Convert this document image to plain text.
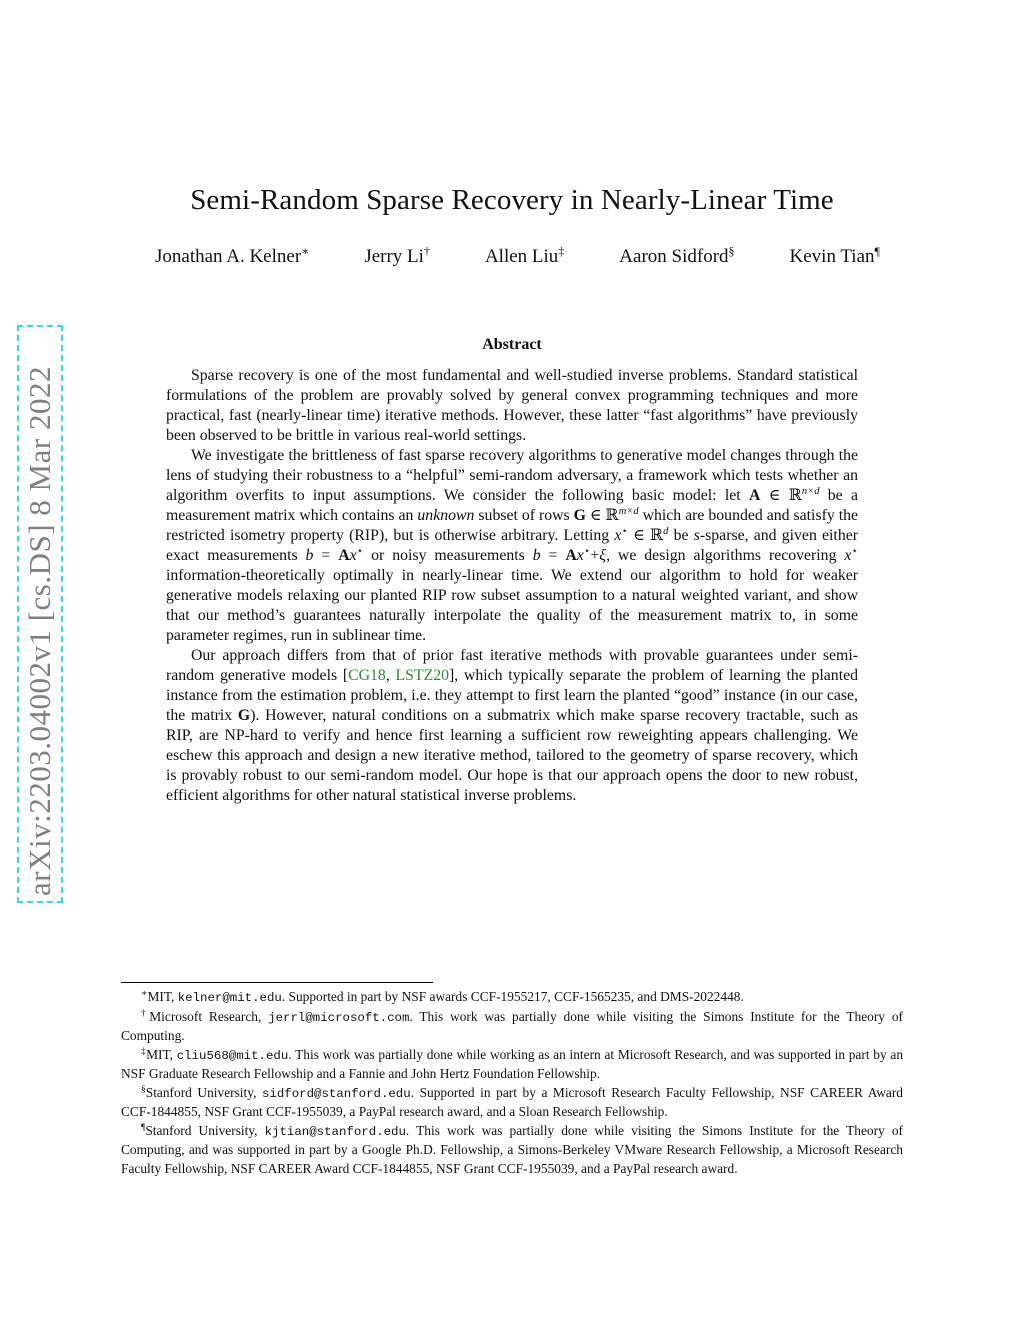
arXiv:2203.04002v1 [cs.DS] 8 Mar 2022
Semi-Random Sparse Recovery in Nearly-Linear Time
Jonathan A. Kelner∗	Jerry Li†	Allen Liu‡	Aaron Sidford§	Kevin Tian¶
Abstract

Sparse recovery is one of the most fundamental and well-studied inverse problems. Standard statistical formulations of the problem are provably solved by general convex programming techniques and more practical, fast (nearly-linear time) iterative methods. However, these latter “fast algorithms” have previously been observed to be brittle in various real-world settings.

We investigate the brittleness of fast sparse recovery algorithms to generative model changes through the lens of studying their robustness to a “helpful” semi-random adversary, a framework which tests whether an algorithm overfits to input assumptions. We consider the following basic model: let A ∈ ℝ$^{n\times d}$ be a measurement matrix which contains an unknown subset of rows G ∈ ℝ$^{m\times d}$ which are bounded and satisfy the restricted isometry property (RIP), but is otherwise arbitrary. Letting x⋆ ∈ ℝ$^d$ be s-sparse, and given either exact measurements b = Ax⋆ or noisy measurements b = Ax⋆+ξ, we design algorithms recovering x⋆ information-theoretically optimally in nearly-linear time. We extend our algorithm to hold for weaker generative models relaxing our planted RIP row subset assumption to a natural weighted variant, and show that our method’s guarantees naturally interpolate the quality of the measurement matrix to, in some parameter regimes, run in sublinear time.

Our approach differs from that of prior fast iterative methods with provable guarantees under semi-random generative models [CG18, LSTZ20], which typically separate the problem of learning the planted instance from the estimation problem, i.e. they attempt to first learn the planted “good” instance (in our case, the matrix G). However, natural conditions on a submatrix which make sparse recovery tractable, such as RIP, are NP-hard to verify and hence first learning a sufficient row reweighting appears challenging. We eschew this approach and design a new iterative method, tailored to the geometry of sparse recovery, which is provably robust to our semi-random model. Our hope is that our approach opens the door to new robust, efficient algorithms for other natural statistical inverse problems.

∗MIT, kelner@mit.edu. Supported in part by NSF awards CCF-1955217, CCF-1565235, and DMS-2022448.

†Microsoft Research, jerrl@microsoft.com. This work was partially done while visiting the Simons Institute for the Theory of Computing.

‡MIT, cliu568@mit.edu. This work was partially done while working as an intern at Microsoft Research, and was supported in part by an NSF Graduate Research Fellowship and a Fannie and John Hertz Foundation Fellowship.

§Stanford University, sidford@stanford.edu. Supported in part by a Microsoft Research Faculty Fellowship, NSF CAREER Award CCF-1844855, NSF Grant CCF-1955039, a PayPal research award, and a Sloan Research Fellowship.

¶Stanford University, kjtian@stanford.edu. This work was partially done while visiting the Simons Institute for the Theory of Computing, and was supported in part by a Google Ph.D. Fellowship, a Simons-Berkeley VMware Research Fellowship, a Microsoft Research Faculty Fellowship, NSF CAREER Award CCF-1844855, NSF Grant CCF-1955039, and a PayPal research award.
